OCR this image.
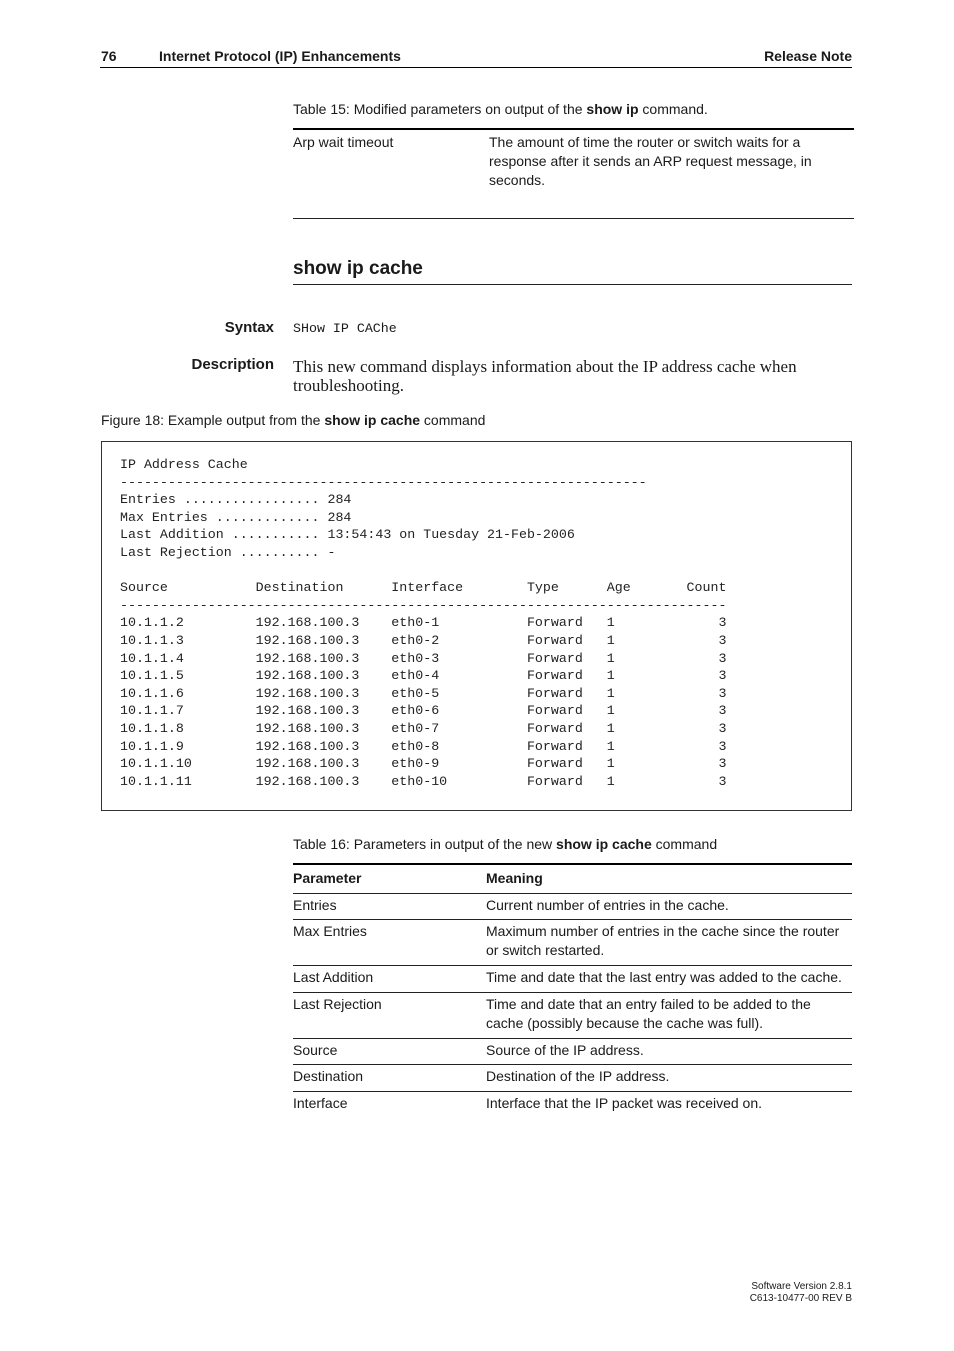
76	Internet Protocol (IP) Enhancements	Release Note
Table 15: Modified parameters on output of the show ip command.
Arp wait timeout	The amount of time the router or switch waits for a response after it sends an ARP request message, in seconds.
show ip cache
Syntax SHow IP CAChe
Description This new command displays information about the IP address cache when troubleshooting.
Figure 18: Example output from the show ip cache command
IP Address Cache
------------------------------------------------------------------
Entries ................. 284
Max Entries ............. 284
Last Addition ........... 13:54:43 on Tuesday 21-Feb-2006
Last Rejection .......... -

Source           Destination      Interface        Type      Age       Count
----------------------------------------------------------------------------
10.1.1.2         192.168.100.3    eth0-1           Forward   1             3
10.1.1.3         192.168.100.3    eth0-2           Forward   1             3
10.1.1.4         192.168.100.3    eth0-3           Forward   1             3
10.1.1.5         192.168.100.3    eth0-4           Forward   1             3
10.1.1.6         192.168.100.3    eth0-5           Forward   1             3
10.1.1.7         192.168.100.3    eth0-6           Forward   1             3
10.1.1.8         192.168.100.3    eth0-7           Forward   1             3
10.1.1.9         192.168.100.3    eth0-8           Forward   1             3
10.1.1.10        192.168.100.3    eth0-9           Forward   1             3
10.1.1.11        192.168.100.3    eth0-10          Forward   1             3
Table 16: Parameters in output of the new show ip cache command
Parameter	Meaning
Entries	Current number of entries in the cache.
Max Entries	Maximum number of entries in the cache since the router or switch restarted.
Last Addition	Time and date that the last entry was added to the cache.
Last Rejection	Time and date that an entry failed to be added to the cache (possibly because the cache was full).
Source	Source of the IP address.
Destination	Destination of the IP address.
Interface	Interface that the IP packet was received on.
Software Version 2.8.1
C613-10477-00 REV B
